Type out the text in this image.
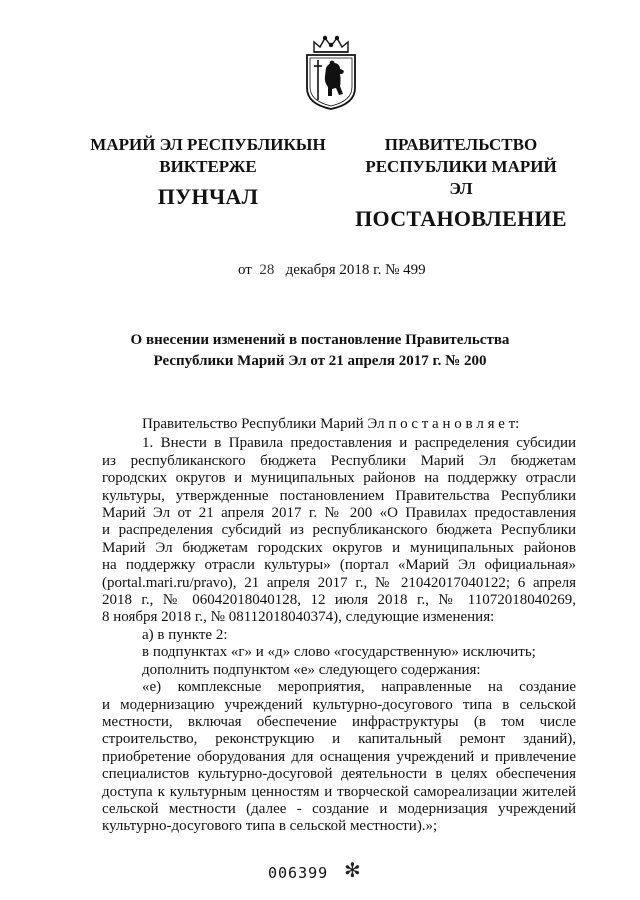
МАРИЙ ЭЛ РЕСПУБЛИКЫН
ВИКТЕРЖЕ
ПУНЧАЛ
ПРАВИТЕЛЬСТВО
РЕСПУБЛИКИ МАРИЙ ЭЛ
ПОСТАНОВЛЕНИЕ
от 28 декабря 2018 г. № 499
О внесении изменений в постановление Правительства
Республики Марий Эл от 21 апреля 2017 г. № 200

Правительство Республики Марий Эл п о с т а н о в л я е т:

1. Внести в Правила предоставления и распределения субсидии

из республиканского бюджета Республики Марий Эл бюджетам

городских округов и муниципальных районов на поддержку отрасли

культуры, утвержденные постановлением Правительства Республики

Марий Эл от 21 апреля 2017 г. № 200 «О Правилах предоставления

и распределения субсидий из республиканского бюджета Республики

Марий Эл бюджетам городских округов и муниципальных районов

на поддержку отрасли культуры» (портал «Марий Эл официальная»

(portal.mari.ru/pravo), 21 апреля 2017 г., № 21042017040122; 6 апреля

2018 г., № 06042018040128, 12 июля 2018 г., № 11072018040269,

8 ноября 2018 г., № 08112018040374), следующие изменения:

а) в пункте 2:

в подпунктах «г» и «д» слово «государственную» исключить;

дополнить подпунктом «е» следующего содержания:

«е) комплексные мероприятия, направленные на создание

и модернизацию учреждений культурно-досугового типа в сельской

местности, включая обеспечение инфраструктуры (в том числе

строительство, реконструкцию и капитальный ремонт зданий),

приобретение оборудования для оснащения учреждений и привлечение

специалистов культурно-досуговой деятельности в целях обеспечения

доступа к культурным ценностям и творческой самореализации жителей

сельской местности (далее - создание и модернизация учреждений

культурно-досугового типа в сельской местности).»;

006399 ✻
